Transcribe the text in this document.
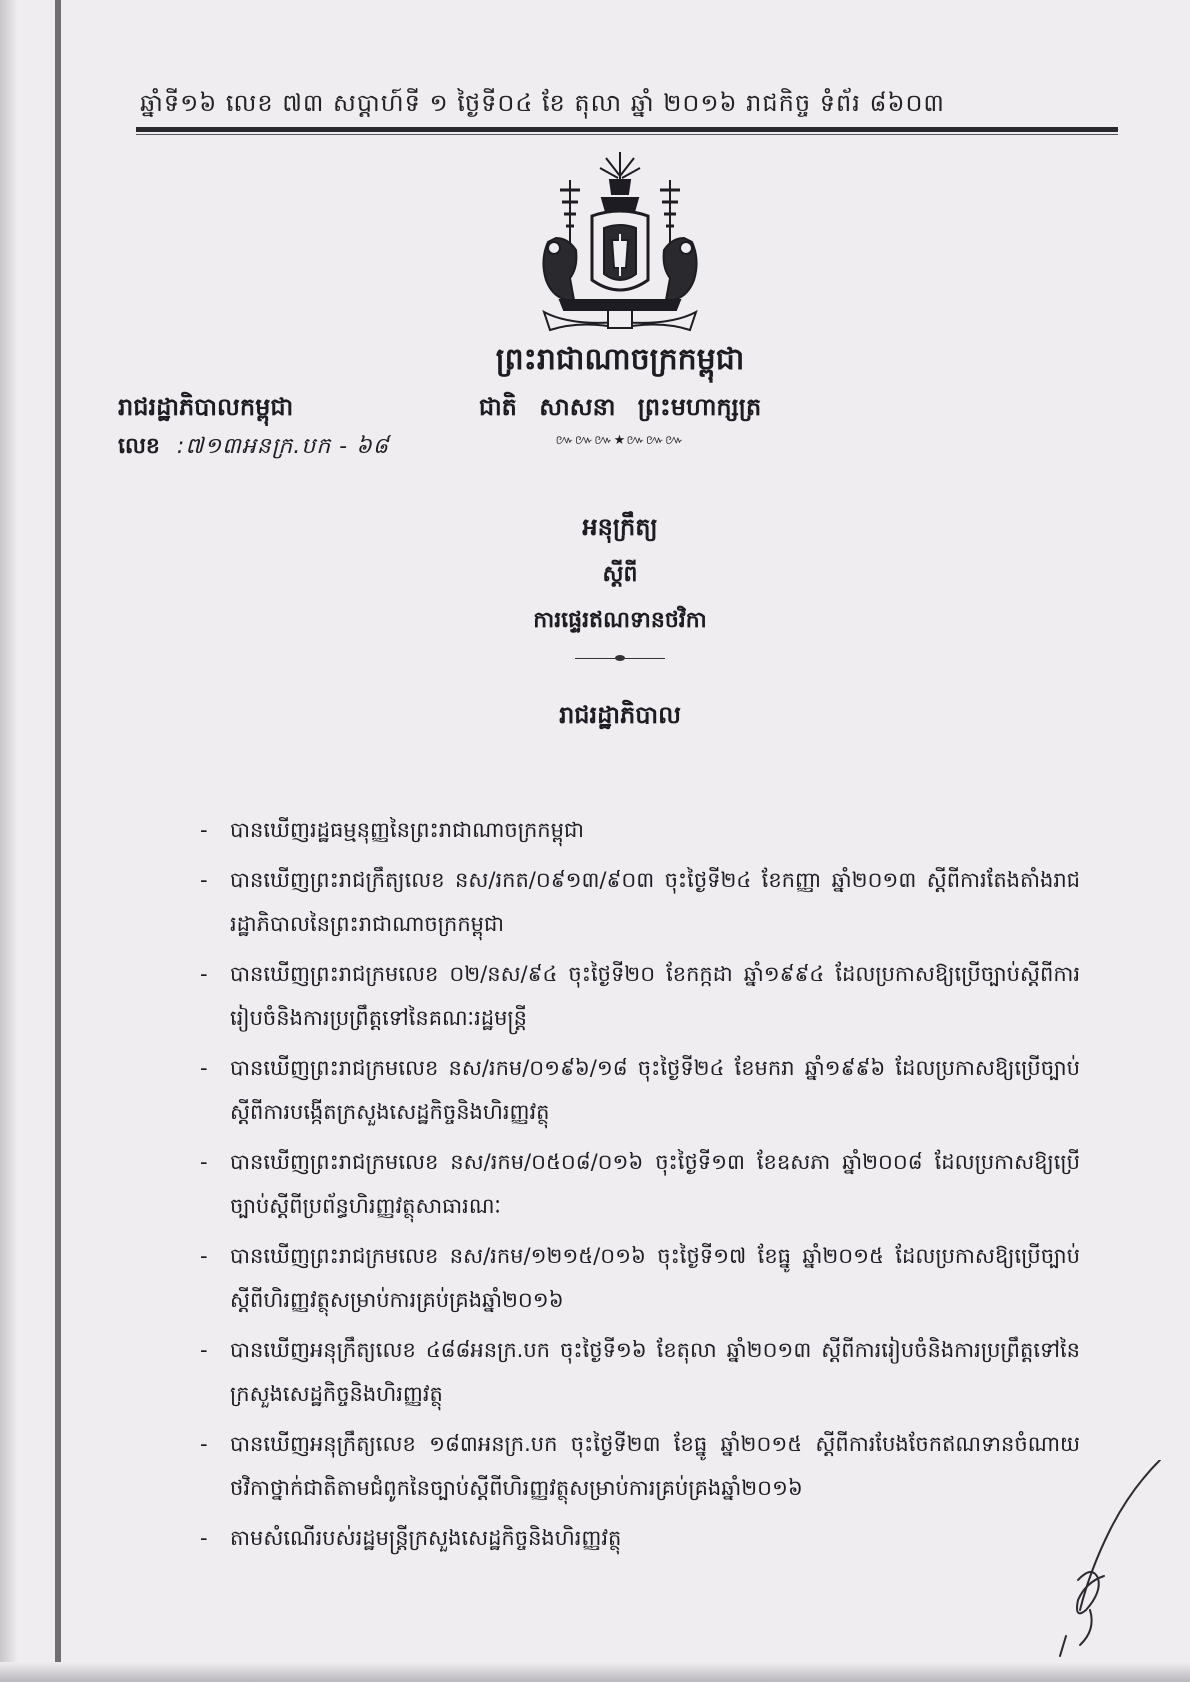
ឆ្នាំទី១៦ លេខ ៧៣ សប្ដាហ៍ទី ១ ថ្ងៃទី០៤ ខែ តុលា ឆ្នាំ ២០១៦ រាជកិច្ច ទំព័រ ៨៦០៣
ព្រះរាជាណាចក្រកម្ពុជា
ជាតិ សាសនា ព្រះមហាក្សត្រ
៚៚៚★៚៚៚
រាជរដ្ឋាភិបាលកម្ពុជា
លេខ :៧១៣អនក្រ.បក - ៦៨
អនុក្រឹត្យ
ស្ដីពី
ការផ្ទេរឥណទានថវិកា
រាជរដ្ឋាភិបាល
- បានឃើញរដ្ឋធម្មនុញ្ញនៃព្រះរាជាណាចក្រកម្ពុជា
- បានឃើញព្រះរាជក្រឹត្យលេខ នស/រកត/០៩១៣/៩០៣ ចុះថ្ងៃទី២៤ ខែកញ្ញា ឆ្នាំ២០១៣ ស្ដីពីការតែងតាំងរាជរដ្ឋាភិបាលនៃព្រះរាជាណាចក្រកម្ពុជា
- បានឃើញព្រះរាជក្រមលេខ ០២/នស/៩៤ ចុះថ្ងៃទី២០ ខែកក្កដា ឆ្នាំ១៩៩៤ ដែលប្រកាសឱ្យប្រើច្បាប់ស្ដីពីការរៀបចំនិងការប្រព្រឹត្តទៅនៃគណៈរដ្ឋមន្ត្រី
- បានឃើញព្រះរាជក្រមលេខ នស/រកម/០១៩៦/១៨ ចុះថ្ងៃទី២៤ ខែមករា ឆ្នាំ១៩៩៦ ដែលប្រកាសឱ្យប្រើច្បាប់ស្ដីពីការបង្កើតក្រសួងសេដ្ឋកិច្ចនិងហិរញ្ញវត្ថុ
- បានឃើញព្រះរាជក្រមលេខ នស/រកម/០៥០៨/០១៦ ចុះថ្ងៃទី១៣ ខែឧសភា ឆ្នាំ២០០៨ ដែលប្រកាសឱ្យប្រើច្បាប់ស្ដីពីប្រព័ន្ធហិរញ្ញវត្ថុសាធារណៈ
- បានឃើញព្រះរាជក្រមលេខ នស/រកម/១២១៥/០១៦ ចុះថ្ងៃទី១៧ ខែធ្នូ ឆ្នាំ២០១៥ ដែលប្រកាសឱ្យប្រើច្បាប់ស្ដីពីហិរញ្ញវត្ថុសម្រាប់ការគ្រប់គ្រងឆ្នាំ២០១៦
- បានឃើញអនុក្រឹត្យលេខ ៤៨៨អនក្រ.បក ចុះថ្ងៃទី១៦ ខែតុលា ឆ្នាំ២០១៣ ស្ដីពីការរៀបចំនិងការប្រព្រឹត្តទៅនៃក្រសួងសេដ្ឋកិច្ចនិងហិរញ្ញវត្ថុ
- បានឃើញអនុក្រឹត្យលេខ ១៨៣អនក្រ.បក ចុះថ្ងៃទី២៣ ខែធ្នូ ឆ្នាំ២០១៥ ស្ដីពីការបែងចែកឥណទានចំណាយថវិកាថ្នាក់ជាតិតាមជំពូកនៃច្បាប់ស្ដីពីហិរញ្ញវត្ថុសម្រាប់ការគ្រប់គ្រងឆ្នាំ២០១៦
- តាមសំណើរបស់រដ្ឋមន្ត្រីក្រសួងសេដ្ឋកិច្ចនិងហិរញ្ញវត្ថុ
